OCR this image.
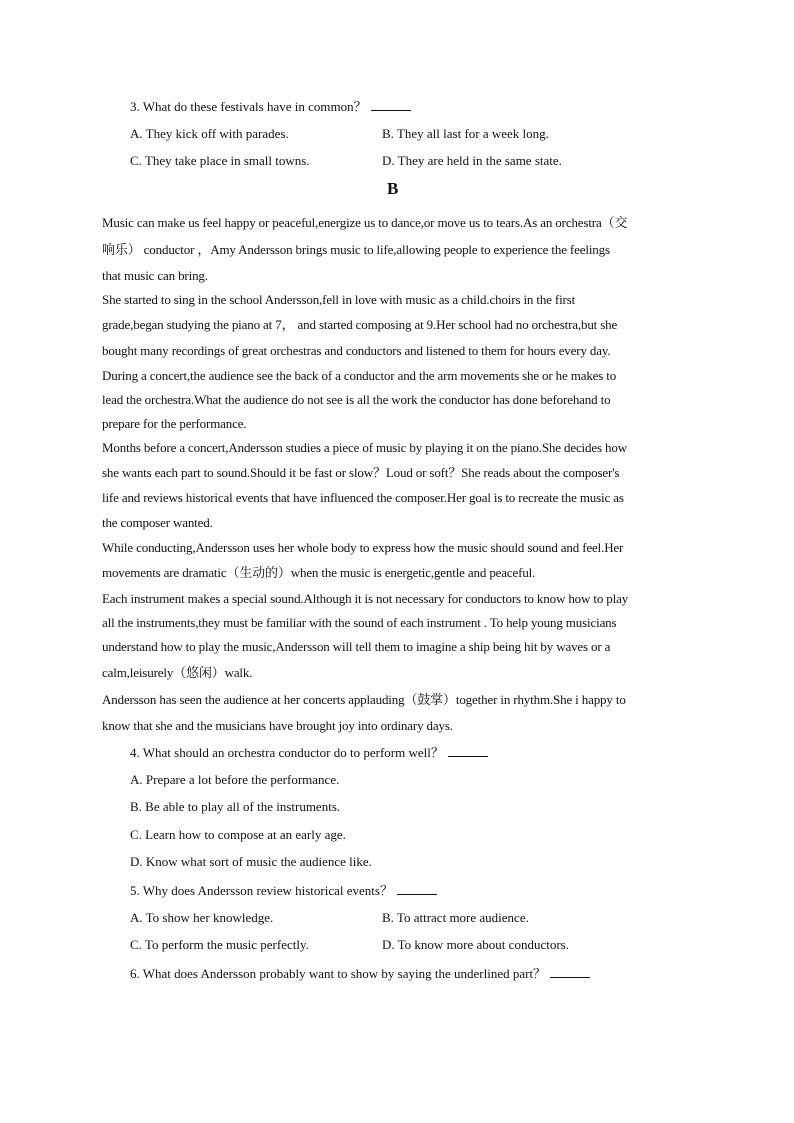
3. What do these festivals have in common？
A. They kick off with parades.	B. They all last for a week long.
C. They take place in small towns.	D. They are held in the same state.
B
Music can make us feel happy or peaceful,energize us to dance,or move us to tears.As an orchestra（交
响乐） conductor ，Amy Andersson brings music to life,allowing people to experience the feelings
that music can bring.
She started to sing in the school Andersson,fell in love with music as a child.choirs in the first
grade,began studying the piano at 7， and started composing at 9.Her school had no orchestra,but she
bought many recordings of great orchestras and conductors and listened to them for hours every day.
During a concert,the audience see the back of a conductor and the arm movements she or he makes to
lead the orchestra.What the audience do not see is all the work the conductor has done beforehand to
prepare for the performance.
Months before a concert,Andersson studies a piece of music by playing it on the piano.She decides how
she wants each part to sound.Should it be fast or slow？Loud or soft？She reads about the composer's
life and reviews historical events that have influenced the composer.Her goal is to recreate the music as
the composer wanted.
While conducting,Andersson uses her whole body to express how the music should sound and feel.Her
movements are dramatic（生动的）when the music is energetic,gentle and peaceful.
Each instrument makes a special sound.Although it is not necessary for conductors to know how to play
all the instruments,they must be familiar with the sound of each instrument . To help young musicians
understand how to play the music,Andersson will tell them to imagine a ship being hit by waves or a
calm,leisurely（悠闲）walk.
Andersson has seen the audience at her concerts applauding（鼓掌）together in rhythm.She i happy to
know that she and the musicians have brought joy into ordinary days.
4. What should an orchestra conductor do to perform well？
A. Prepare a lot before the performance.
B. Be able to play all of the instruments.
C. Learn how to compose at an early age.
D. Know what sort of music the audience like.
5. Why does Andersson review historical events？
A. To show her knowledge.	B. To attract more audience.
C. To perform the music perfectly.	D. To know more about conductors.
6. What does Andersson probably want to show by saying the underlined part？
